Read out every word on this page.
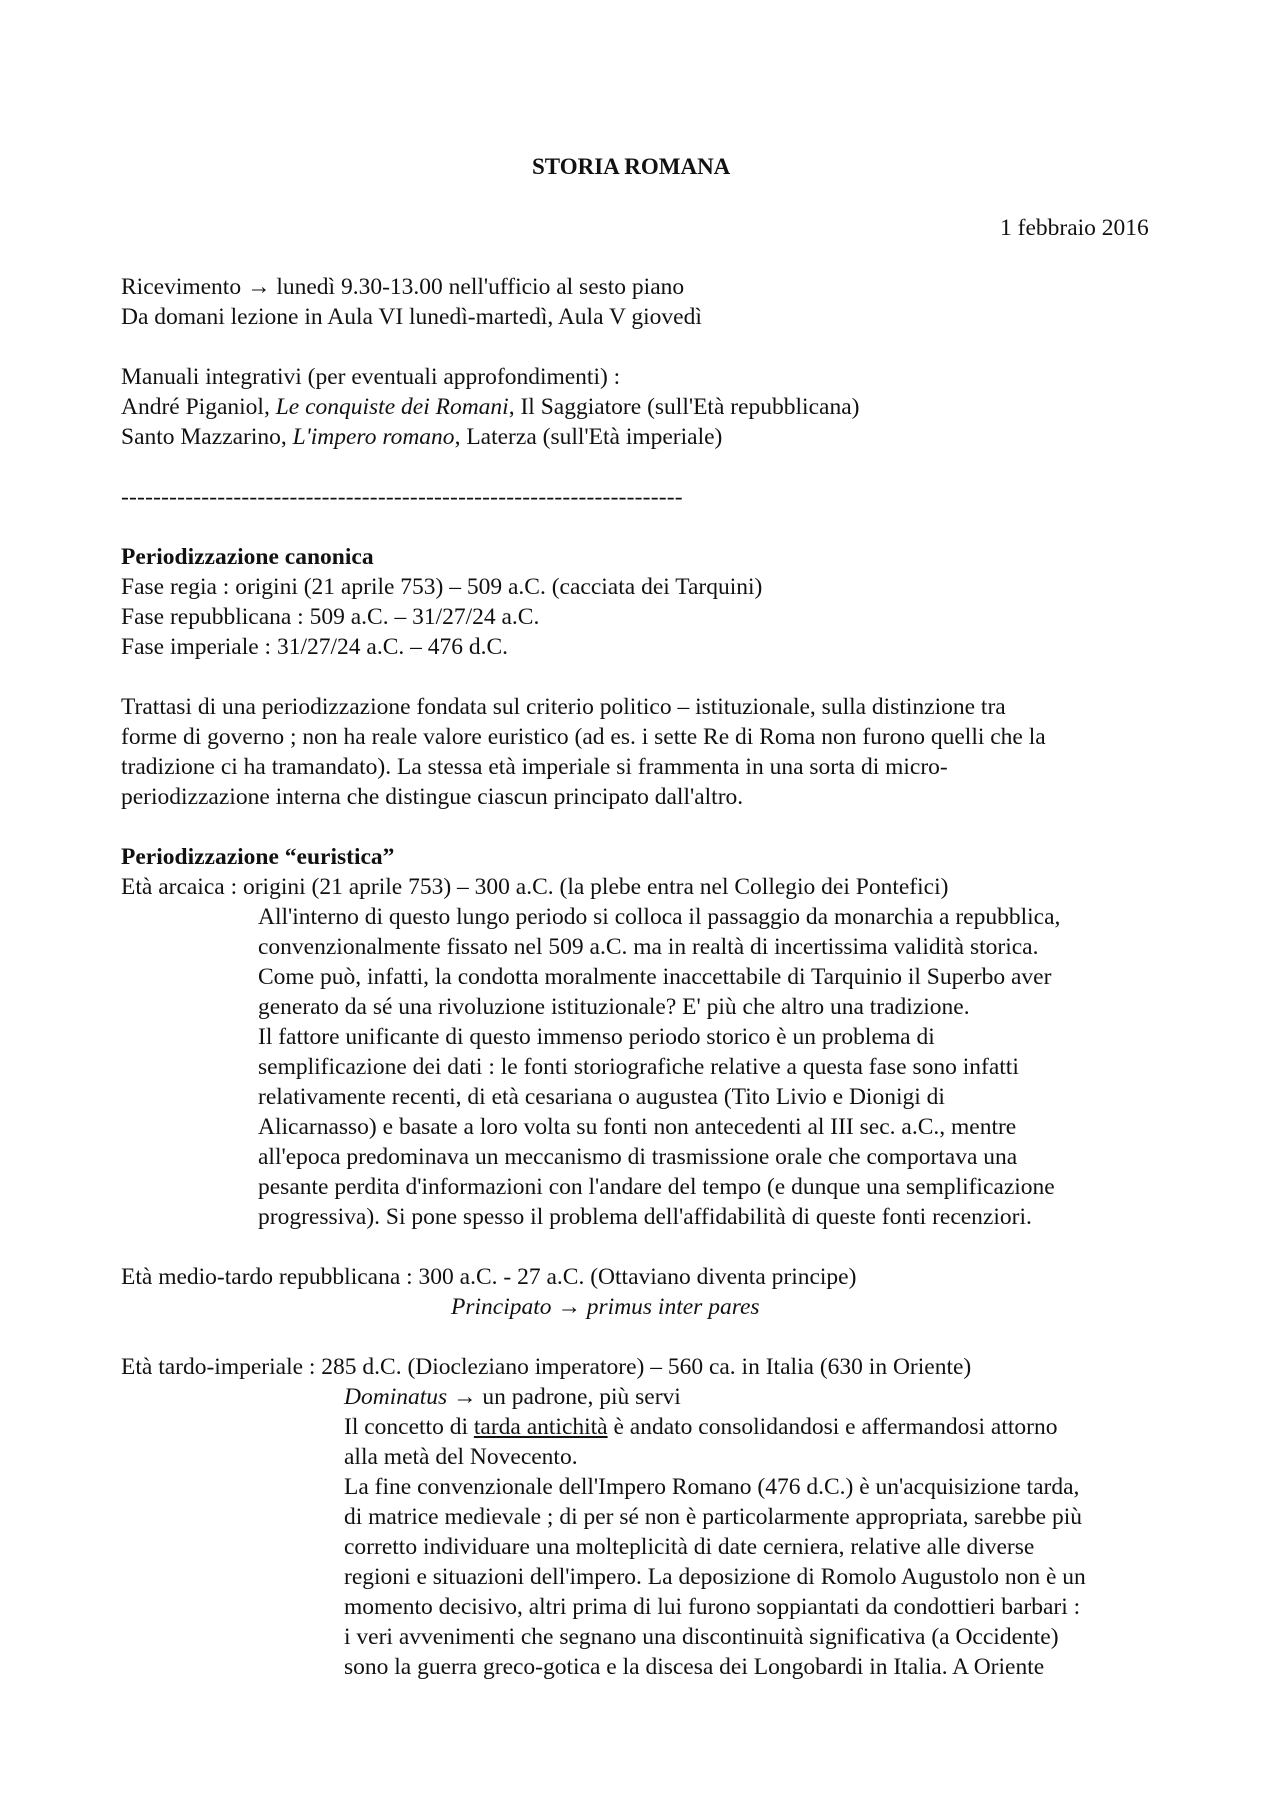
STORIA ROMANA
1 febbraio 2016
Ricevimento → lunedì 9.30-13.00 nell'ufficio al sesto piano
Da domani lezione in Aula VI lunedì-martedì, Aula V giovedì
Manuali integrativi (per eventuali approfondimenti) :
André Piganiol, Le conquiste dei Romani, Il Saggiatore (sull'Età repubblicana)
Santo Mazzarino, L'impero romano, Laterza (sull'Età imperiale)
----------------------------------------------------------------------
Periodizzazione canonica
Fase regia : origini (21 aprile 753) – 509 a.C. (cacciata dei Tarquini)
Fase repubblicana : 509 a.C. – 31/27/24 a.C.
Fase imperiale : 31/27/24 a.C. – 476 d.C.
Trattasi di una periodizzazione fondata sul criterio politico – istituzionale, sulla distinzione tra
forme di governo ; non ha reale valore euristico (ad es. i sette Re di Roma non furono quelli che la
tradizione ci ha tramandato). La stessa età imperiale si frammenta in una sorta di micro-
periodizzazione interna che distingue ciascun principato dall'altro.
Periodizzazione “euristica”
Età arcaica : origini (21 aprile 753) – 300 a.C. (la plebe entra nel Collegio dei Pontefici)
All'interno di questo lungo periodo si colloca il passaggio da monarchia a repubblica,
convenzionalmente fissato nel 509 a.C. ma in realtà di incertissima validità storica.
Come può, infatti, la condotta moralmente inaccettabile di Tarquinio il Superbo aver
generato da sé una rivoluzione istituzionale? E' più che altro una tradizione.
Il fattore unificante di questo immenso periodo storico è un problema di
semplificazione dei dati : le fonti storiografiche relative a questa fase sono infatti
relativamente recenti, di età cesariana o augustea (Tito Livio e Dionigi di
Alicarnasso) e basate a loro volta su fonti non antecedenti al III sec. a.C., mentre
all'epoca predominava un meccanismo di trasmissione orale che comportava una
pesante perdita d'informazioni con l'andare del tempo (e dunque una semplificazione
progressiva). Si pone spesso il problema dell'affidabilità di queste fonti recenziori.
Età medio-tardo repubblicana : 300 a.C. - 27 a.C. (Ottaviano diventa principe)
Principato → primus inter pares
Età tardo-imperiale : 285 d.C. (Diocleziano imperatore) – 560 ca. in Italia (630 in Oriente)
Dominatus → un padrone, più servi
Il concetto di tarda antichità è andato consolidandosi e affermandosi attorno
alla metà del Novecento.
La fine convenzionale dell'Impero Romano (476 d.C.) è un'acquisizione tarda,
di matrice medievale ; di per sé non è particolarmente appropriata, sarebbe più
corretto individuare una molteplicità di date cerniera, relative alle diverse
regioni e situazioni dell'impero. La deposizione di Romolo Augustolo non è un
momento decisivo, altri prima di lui furono soppiantati da condottieri barbari :
i veri avvenimenti che segnano una discontinuità significativa (a Occidente)
sono la guerra greco-gotica e la discesa dei Longobardi in Italia. A Oriente
